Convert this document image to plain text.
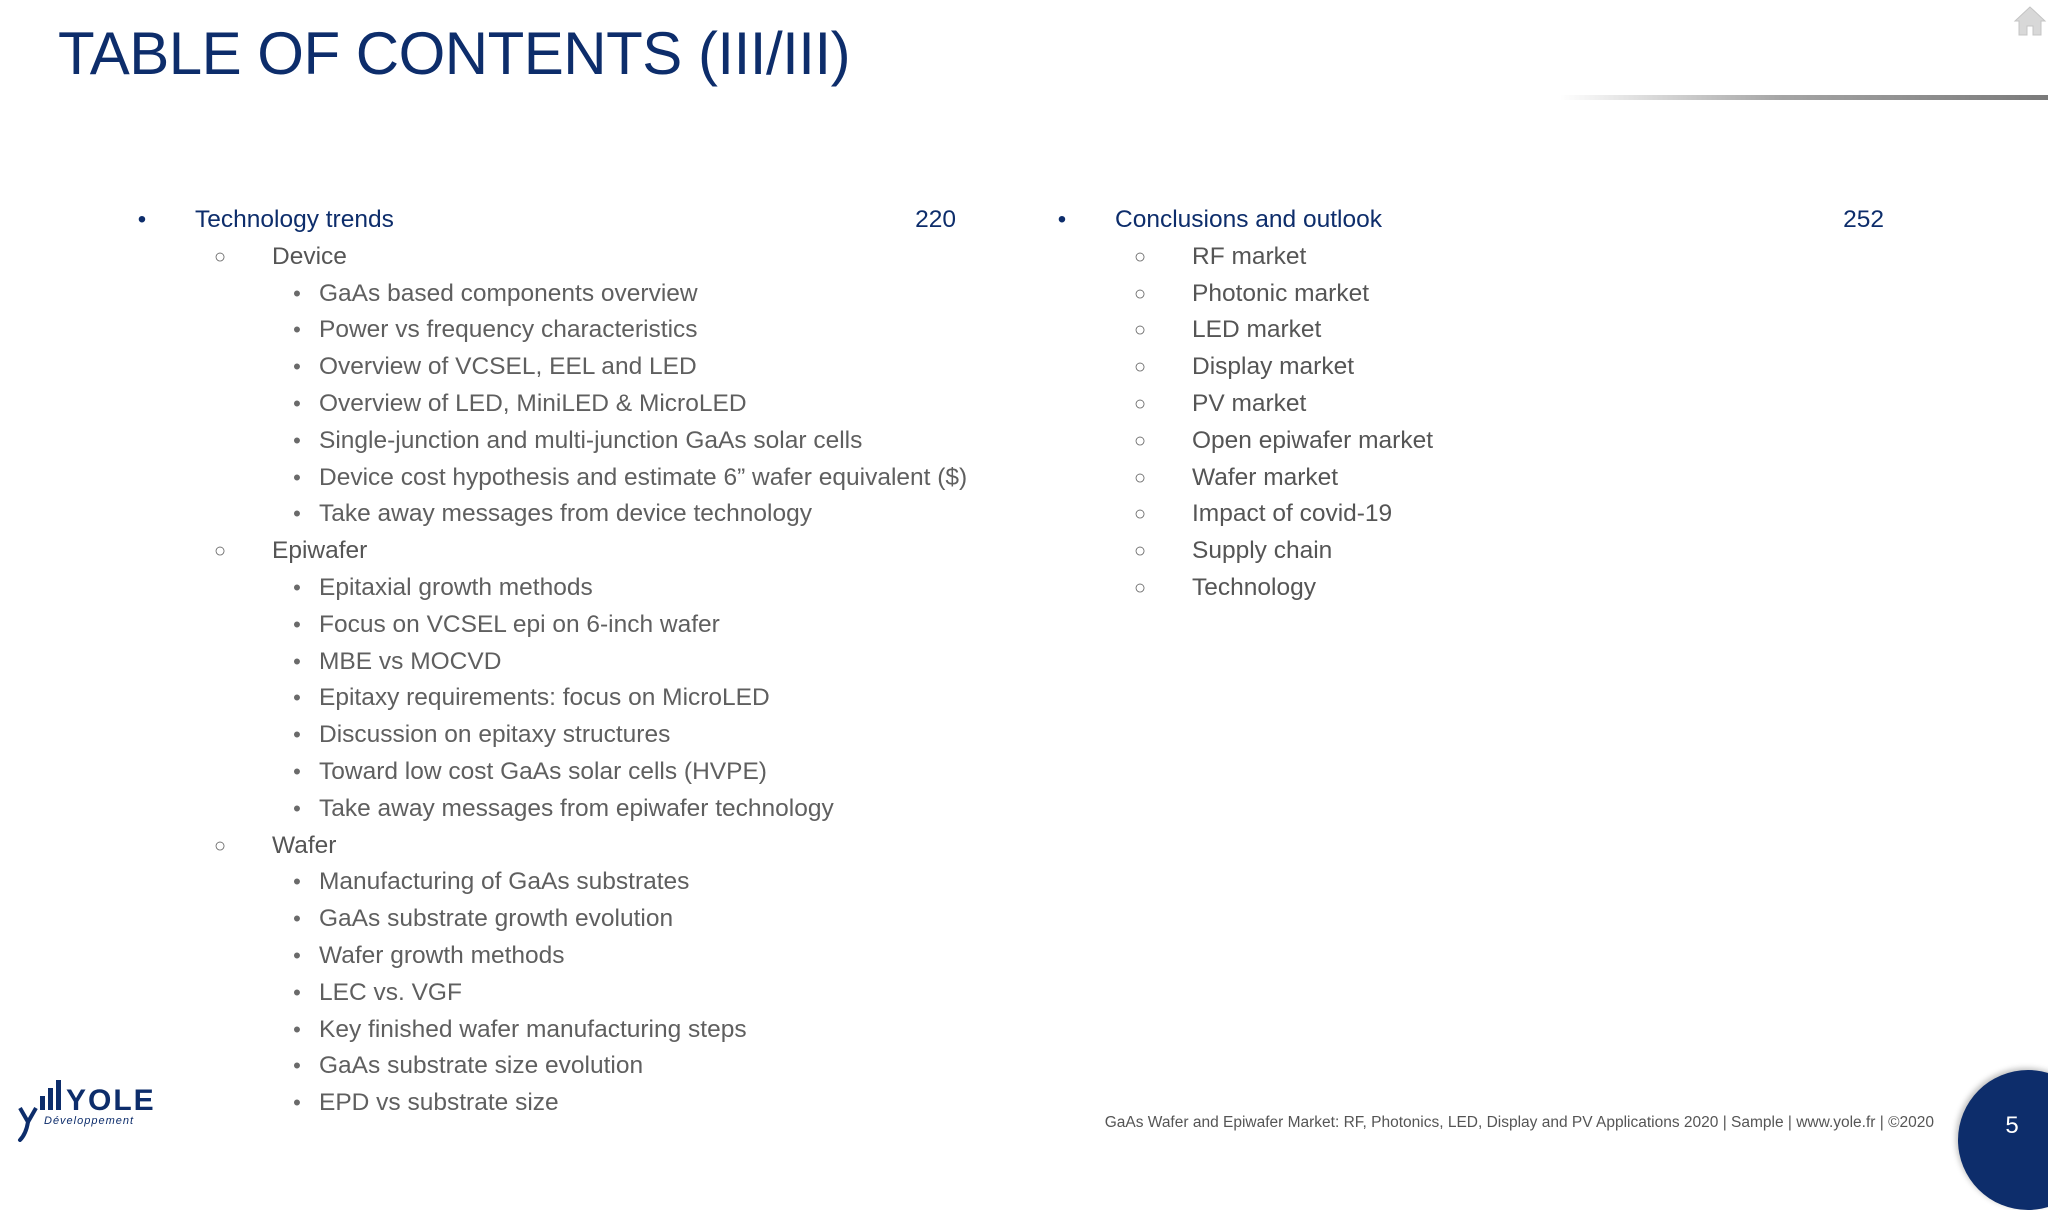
TABLE OF CONTENTS (III/III)
• Technology trends	220
○ Device
• GaAs based components overview
• Power vs frequency characteristics
• Overview of VCSEL, EEL and LED
• Overview of LED, MiniLED & MicroLED
• Single-junction and multi-junction GaAs solar cells
• Device cost hypothesis and estimate 6” wafer equivalent ($)
• Take away messages from device technology
○ Epiwafer
• Epitaxial growth methods
• Focus on VCSEL epi on 6-inch wafer
• MBE vs MOCVD
• Epitaxy requirements: focus on MicroLED
• Discussion on epitaxy structures
• Toward low cost GaAs solar cells (HVPE)
• Take away messages from epiwafer technology
○ Wafer
• Manufacturing of GaAs substrates
• GaAs substrate growth evolution
• Wafer growth methods
• LEC vs. VGF
• Key finished wafer manufacturing steps
• GaAs substrate size evolution
• EPD vs substrate size
• Conclusions and outlook	252
○ RF market
○ Photonic market
○ LED market
○ Display market
○ PV market
○ Open epiwafer market
○ Wafer market
○ Impact of covid-19
○ Supply chain
○ Technology
YOLE
Développement	GaAs Wafer and Epiwafer Market: RF, Photonics, LED, Display and PV Applications 2020 | Sample | www.yole.fr | ©2020	5
